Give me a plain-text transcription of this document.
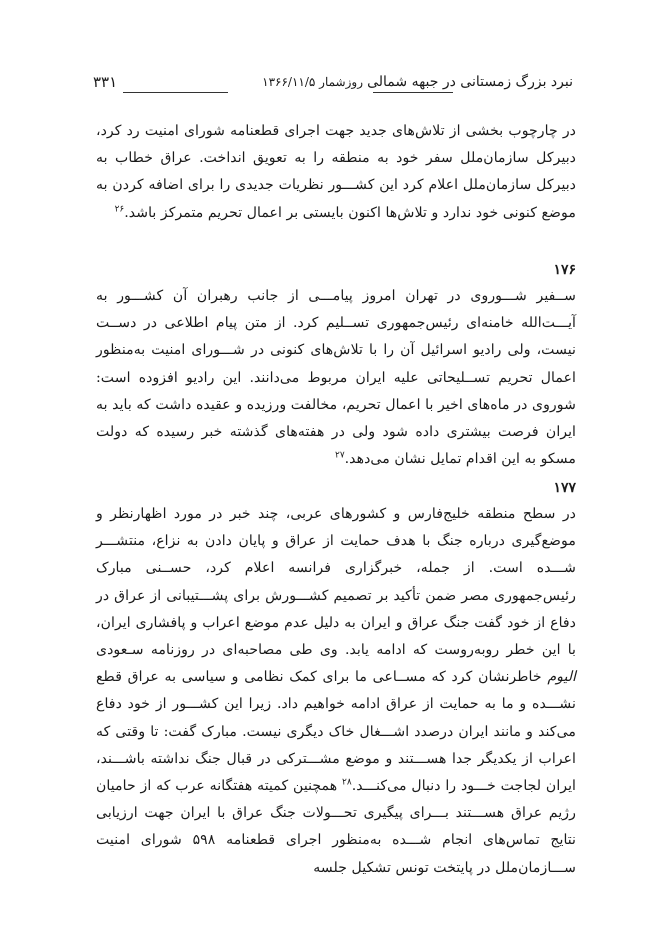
نبرد بزرگ زمستانی در جبهه شمالی
روزشمار ۱۳۶۶/۱۱/۵
۳۳۱

در چارچوب بخشی از تلاش‌های جدید جهت اجرای قطعنامه شورای امنیت رد کرد، دبیرکل سازمان‌ملل سفر خود به منطقه را به تعویق انداخت. عراق خطاب به دبیرکل سازمان‌ملل اعلام کرد این کشـــور نظریات جدیدی را برای اضافه کردن به موضع کنونی خود ندارد و تلاش‌ها اکنون بایستی بر اعمال تحریم متمرکز باشد.$^{۲۶}$

۱۷۶

ســفیر شـــوروی در تهران امروز پیامـــی از جانب رهبران آن کشـــور به آیـــت‌الله خامنه‌ای رئیس‌جمهوری تســلیم کرد. از متن پیام اطلاعی در دســت نیست، ولی رادیو اسرائیل آن را با تلاش‌های کنونی در شـــورای امنیت به‌منظور اعمال تحریم تســلیحاتی علیه ایران مربوط می‌دانند. این رادیو افزوده است: شوروی در ماه‌های اخیر با اعمال تحریم، مخالفت ورزیده و عقیده داشت که باید به ایران فرصت بیشتری داده شود ولی در هفته‌های گذشته خبر رسیده که دولت مسکو به این اقدام تمایل نشان می‌دهد.$^{۲۷}$

۱۷۷

در سطح منطقه خلیج‌فارس و کشورهای عربی، چند خبر در مورد اظهارنظر و موضع‌گیری درباره جنگ با هدف حمایت از عراق و پایان دادن به نزاع، منتشـــر شـــده است. از جمله، خبرگزاری فرانسه اعلام کرد، حســنی مبارک رئیس‌جمهوری مصر ضمن تأکید بر تصمیم کشـــورش برای پشـــتیبانی از عراق در دفاع از خود گفت جنگ عراق و ایران به دلیل عدم موضع اعراب و پافشاری ایران، با این خطر روبه‌روست که ادامه یابد. وی طی مصاحبه‌ای در روزنامه سـعودی الیوم خاطرنشان کرد که مســاعی ما برای کمک نظامی و سیاسی به عراق قطع نشـــده و ما به حمایت از عراق ادامه خواهیم داد. زیرا این کشـــور از خود دفاع می‌کند و مانند ایران درصدد اشـــغال خاک دیگری نیست. مبارک گفت: تا وقتی که اعراب از یکدیگر جدا هســـتند و موضع مشـــترکی در قبال جنگ نداشته باشـــند، ایران لجاجت خـــود را دنبال می‌کنـــد.$^{۲۸}$ همچنین کمیته هفتگانه عرب که از حامیان رژیم عراق هســـتند بـــرای پیگیری تحـــولات جنگ عراق با ایران جهت ارزیابی نتایج تماس‌های انجام شـــده به‌منظور اجرای قطعنامه ۵۹۸ شورای امنیت ســـازمان‌ملل در پایتخت تونس تشکیل جلسه
